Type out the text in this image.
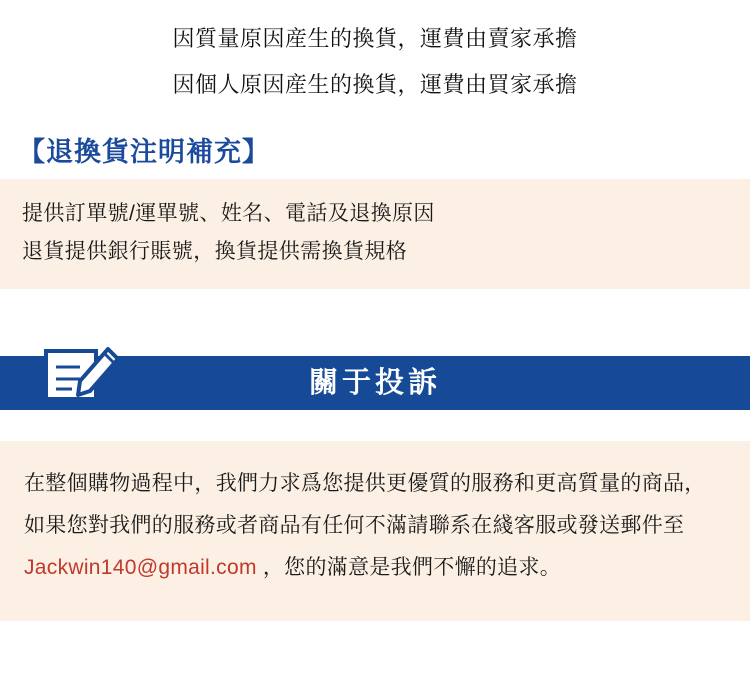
因質量原因産生的換貨，運費由賣家承擔
因個人原因産生的換貨，運費由買家承擔
【退換貨注明補充】
提供訂單號/運單號、姓名、電話及退換原因
退貨提供銀行賬號，換貨提供需換貨規格
關于投訴
在整個購物過程中，我們力求爲您提供更優質的服務和更高質量的商品，如果您對我們的服務或者商品有任何不滿請聯系在綫客服或發送郵件至 Jackwin140@gmail.com ，您的滿意是我們不懈的追求。
